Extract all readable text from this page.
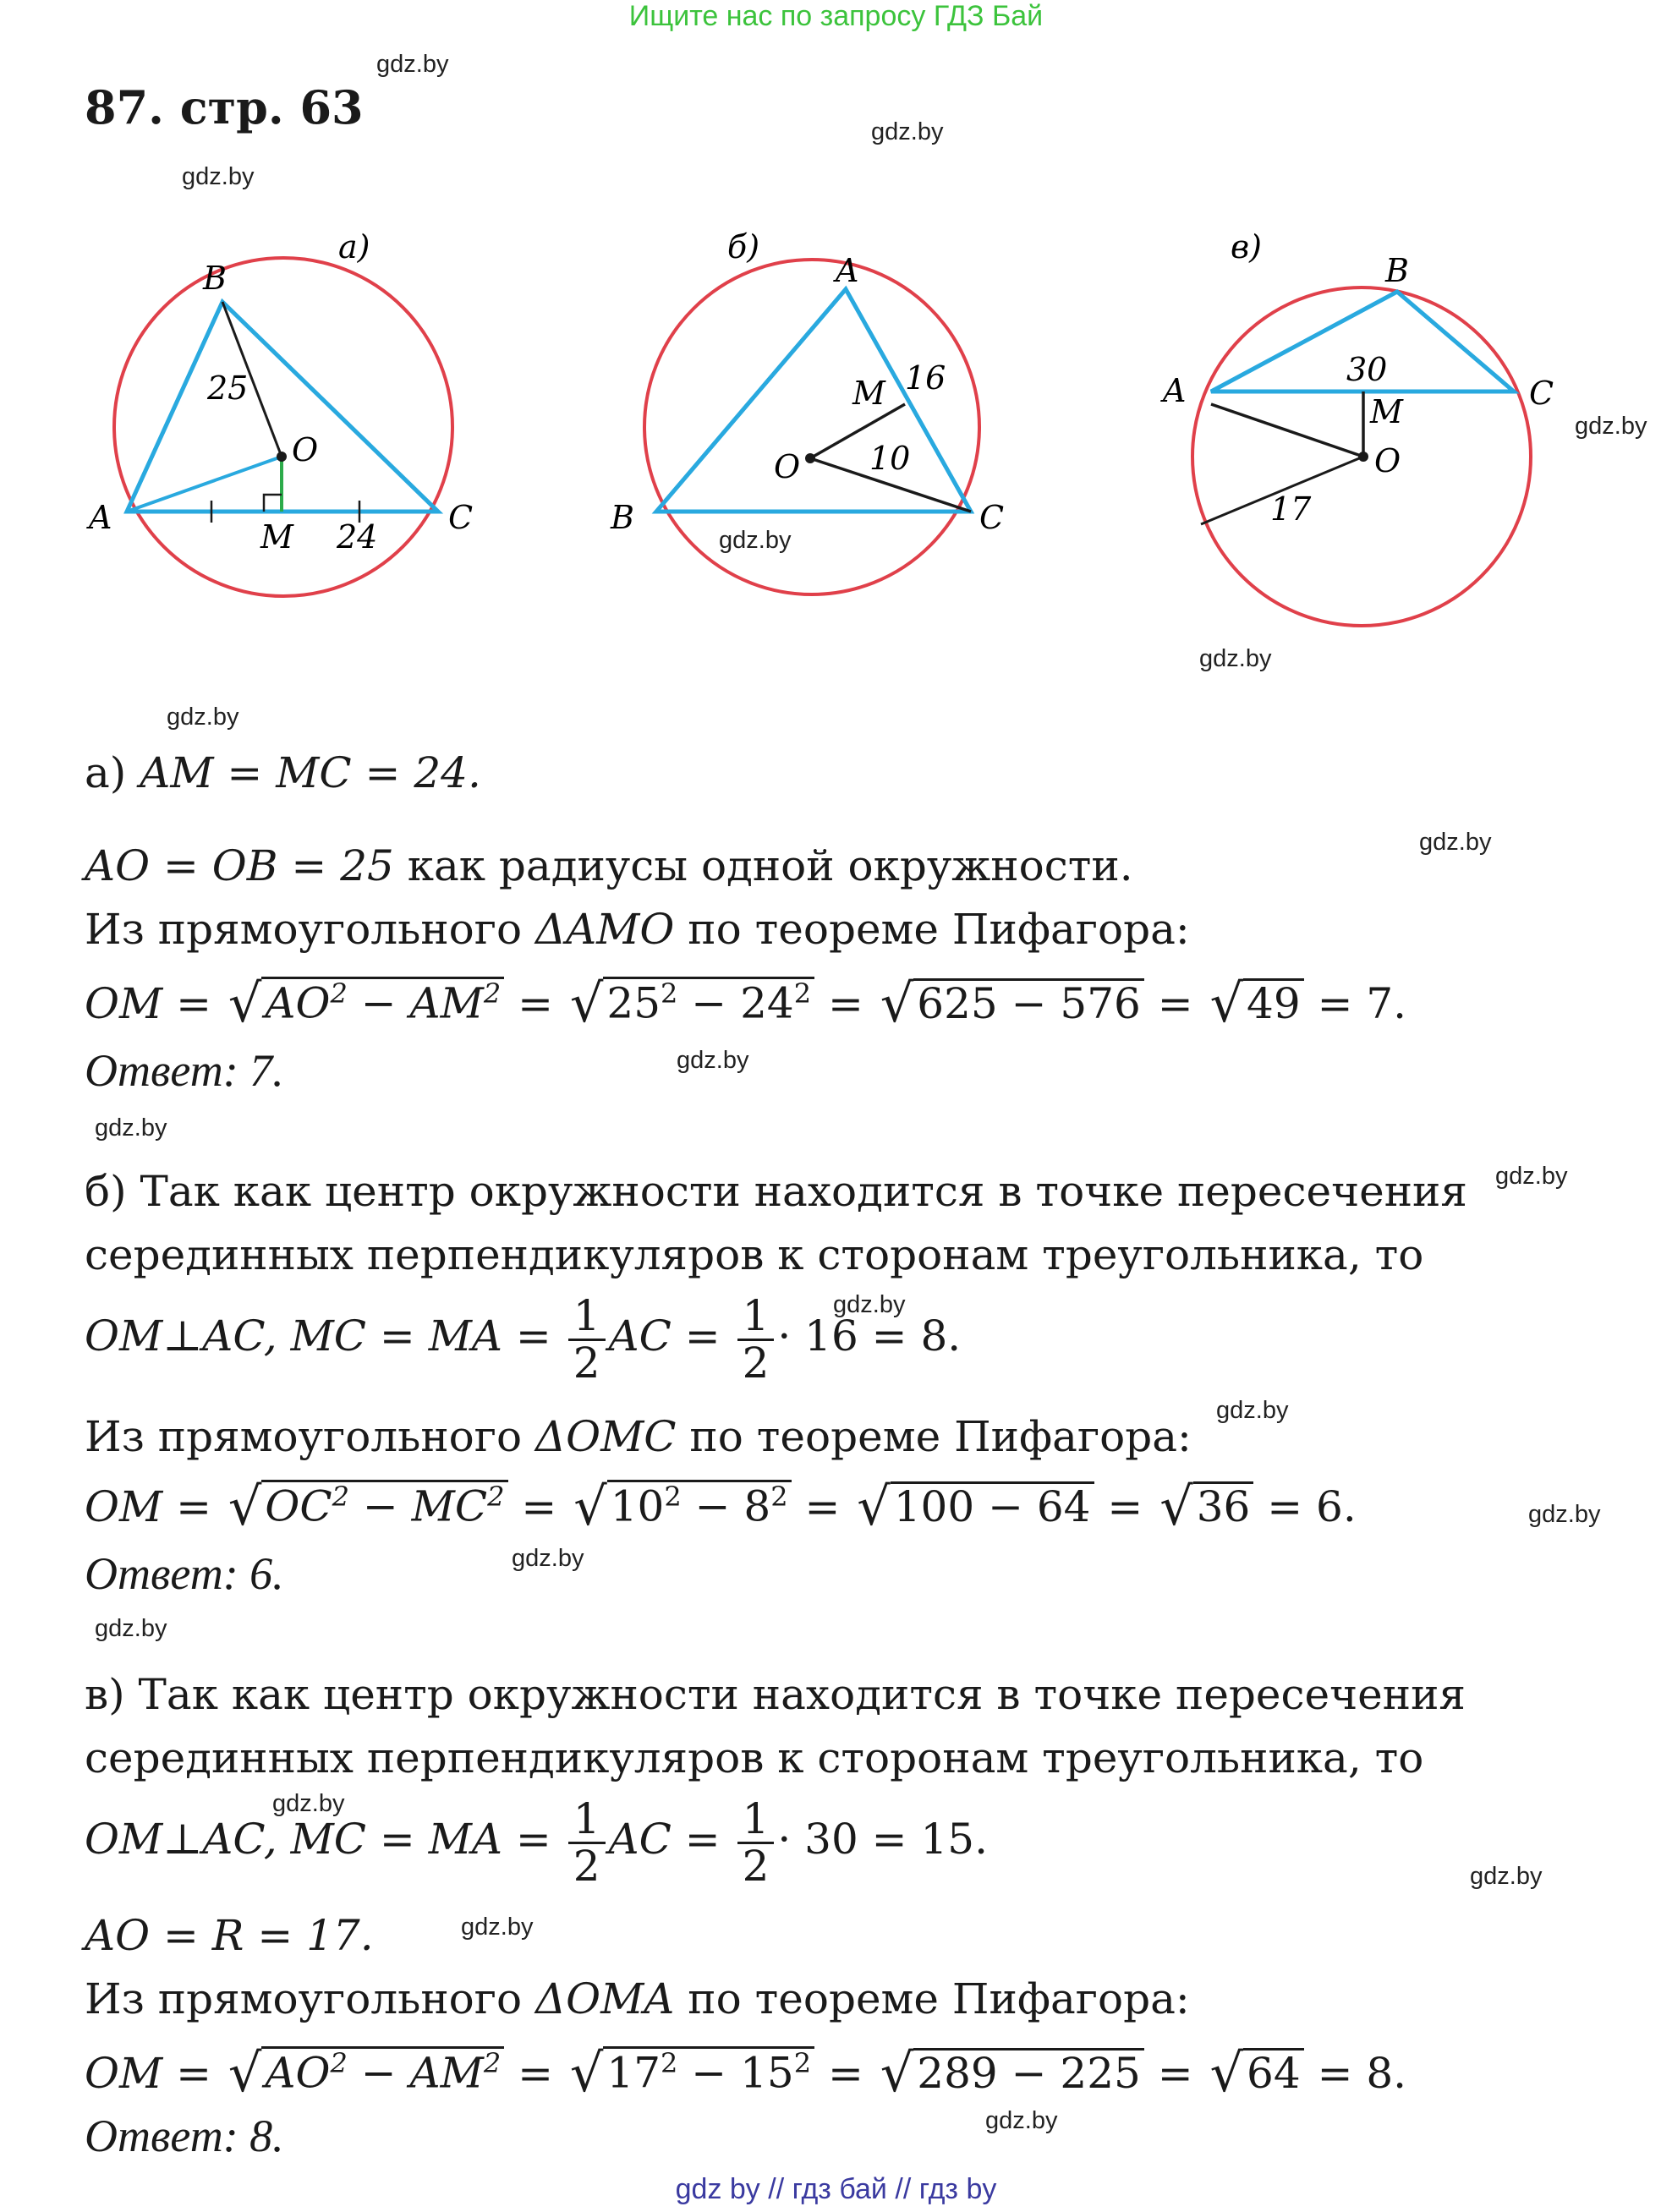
Ищите нас по запросу ГДЗ Бай
87. стр. 63
gdz.by
gdz.by
gdz.by
gdz.by
gdz.by
gdz.by
gdz.by
gdz.by
gdz.by
gdz.by
gdz.by
gdz.by
gdz.by
gdz.by
gdz.by
gdz.by
gdz.by
gdz.by
gdz.by
gdz.by
а)
B
A	C
O
M
25
24
б)
A
B	C
O
M 16
10
в)
B
A	C
O
M
30
17
а) AM = MC = 24.
AO = OB = 25 как радиусы одной окружности.
Из прямоугольного ΔAMO по теореме Пифагора:
OM = $√AO^2 - AM^2 = √25^2 - 24^2 = √625 - 576 = √49 = 7$.
Ответ: 7.
б) Так как центр окружности находится в точке пересечения
серединных перпендикуляров к сторонам треугольника, то
OM⊥AC, MC = MA = $\frac{1}{2}$ AC = $\frac{1}{2} \cdot 16 = 8$.
Из прямоугольного ΔOMC по теореме Пифагора:
OM = $√OC^2 - MC^2 = √10^2 - 8^2 = √100 - 64 = √36 = 6$.
Ответ: 6.
в) Так как центр окружности находится в точке пересечения
серединных перпендикуляров к сторонам треугольника, то
OM⊥AC, MC = MA = $\frac{1}{2}$ AC = $\frac{1}{2} \cdot 30 = 15$.
AO = R = 17.
Из прямоугольного ΔOMA по теореме Пифагора:
OM = $√AO^2 - AM^2 = √17^2 - 15^2 = √289 - 225 = √64 = 8$.
Ответ: 8.
gdz by // гдз бай // гдз by
